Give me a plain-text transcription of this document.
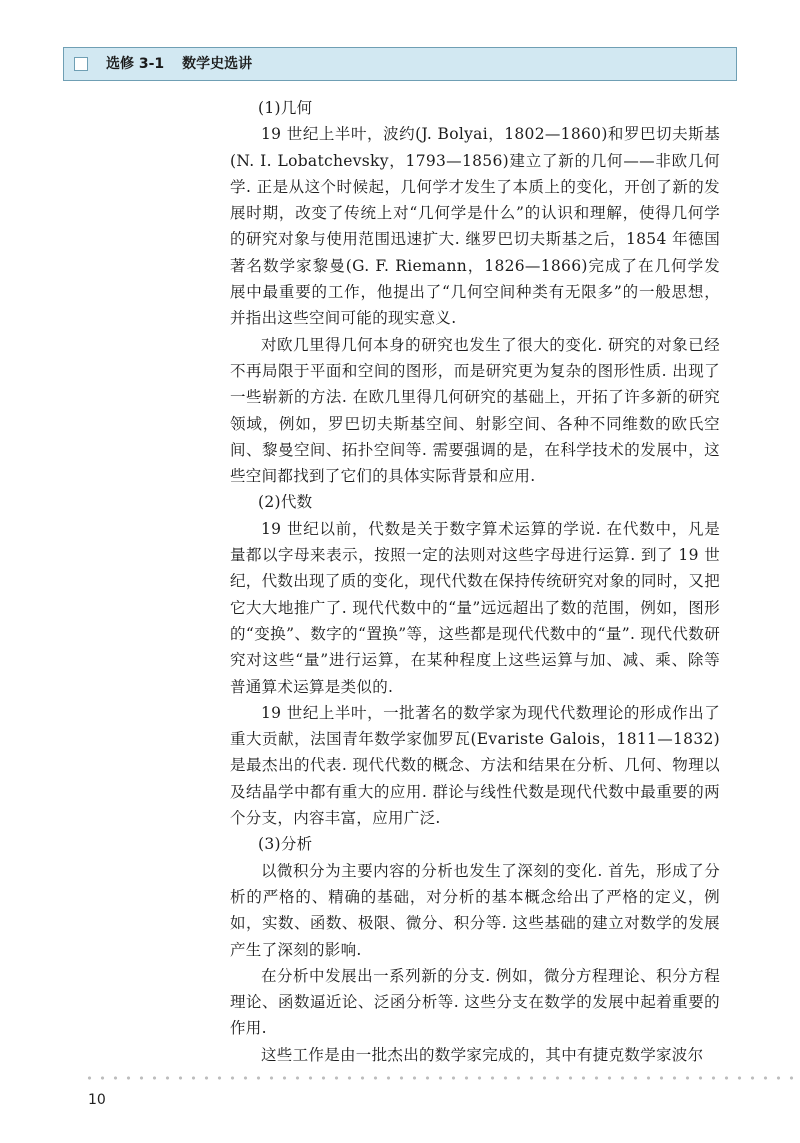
选修 3-1 数学史选讲

(1)几何

19 世纪上半叶，波约(J. Bolyai，1802—1860)和罗巴切夫斯基(N. I. Lobatchevsky，1793—1856)建立了新的几何——非欧几何学. 正是从这个时候起，几何学才发生了本质上的变化，开创了新的发展时期，改变了传统上对“几何学是什么”的认识和理解，使得几何学的研究对象与使用范围迅速扩大. 继罗巴切夫斯基之后，1854 年德国著名数学家黎曼(G. F. Riemann，1826—1866)完成了在几何学发展中最重要的工作，他提出了“几何空间种类有无限多”的一般思想，并指出这些空间可能的现实意义.

对欧几里得几何本身的研究也发生了很大的变化. 研究的对象已经不再局限于平面和空间的图形，而是研究更为复杂的图形性质. 出现了一些崭新的方法. 在欧几里得几何研究的基础上，开拓了许多新的研究领域，例如，罗巴切夫斯基空间、射影空间、各种不同维数的欧氏空间、黎曼空间、拓扑空间等. 需要强调的是，在科学技术的发展中，这些空间都找到了它们的具体实际背景和应用.

(2)代数

19 世纪以前，代数是关于数字算术运算的学说. 在代数中，凡是量都以字母来表示，按照一定的法则对这些字母进行运算. 到了 19 世纪，代数出现了质的变化，现代代数在保持传统研究对象的同时，又把它大大地推广了. 现代代数中的“量”远远超出了数的范围，例如，图形的“变换”、数字的“置换”等，这些都是现代代数中的“量”. 现代代数研究对这些“量”进行运算，在某种程度上这些运算与加、减、乘、除等普通算术运算是类似的.

19 世纪上半叶，一批著名的数学家为现代代数理论的形成作出了重大贡献，法国青年数学家伽罗瓦(Evariste Galois，1811—1832)是最杰出的代表. 现代代数的概念、方法和结果在分析、几何、物理以及结晶学中都有重大的应用. 群论与线性代数是现代代数中最重要的两个分支，内容丰富，应用广泛.

(3)分析

以微积分为主要内容的分析也发生了深刻的变化. 首先，形成了分析的严格的、精确的基础，对分析的基本概念给出了严格的定义，例如，实数、函数、极限、微分、积分等. 这些基础的建立对数学的发展产生了深刻的影响.

在分析中发展出一系列新的分支. 例如，微分方程理论、积分方程理论、函数逼近论、泛函分析等. 这些分支在数学的发展中起着重要的作用.

这些工作是由一批杰出的数学家完成的，其中有捷克数学家波尔

10
